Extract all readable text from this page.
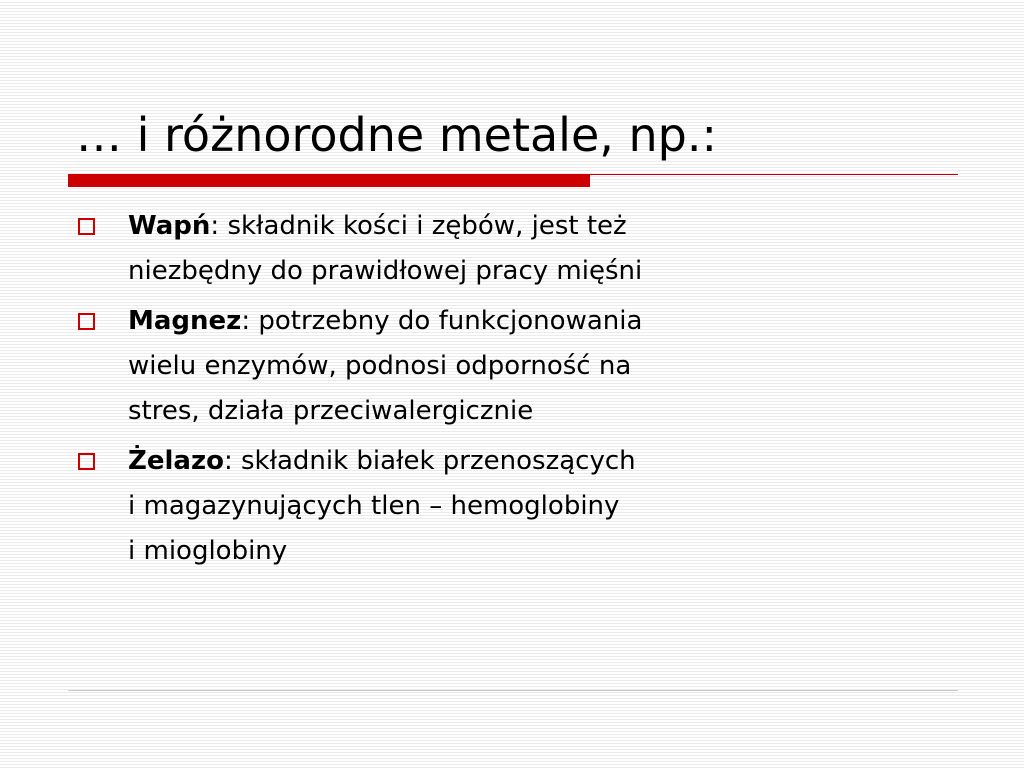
… i różnorodne metale, np.:
Wapń: składnik kości i zębów, jest też
niezbędny do prawidłowej pracy mięśni
Magnez: potrzebny do funkcjonowania
wielu enzymów, podnosi odporność na
stres, działa przeciwalergicznie
Żelazo: składnik białek przenoszących
i magazynujących tlen – hemoglobiny
i mioglobiny
